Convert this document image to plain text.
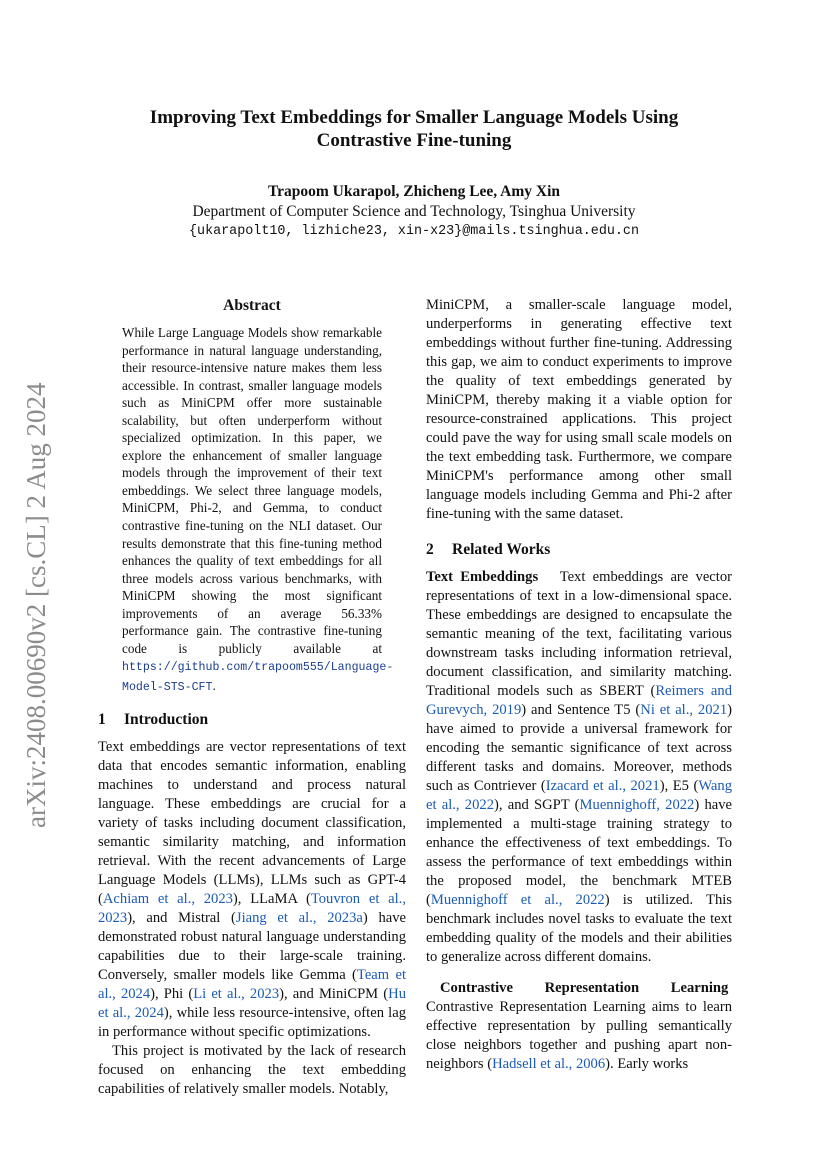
arXiv:2408.00690v2 [cs.CL] 2 Aug 2024
Improving Text Embeddings for Smaller Language Models Using Contrastive Fine-tuning
Trapoom Ukarapol, Zhicheng Lee, Amy Xin
Department of Computer Science and Technology, Tsinghua University
{ukarapolt10, lizhiche23, xin-x23}@mails.tsinghua.edu.cn
Abstract

While Large Language Models show remarkable performance in natural language understanding, their resource-intensive nature makes them less accessible. In contrast, smaller language models such as MiniCPM offer more sustainable scalability, but often underperform without specialized optimization. In this paper, we explore the enhancement of smaller language models through the improvement of their text embeddings. We select three language models, MiniCPM, Phi-2, and Gemma, to conduct contrastive fine-tuning on the NLI dataset. Our results demonstrate that this fine-tuning method enhances the quality of text embeddings for all three models across various benchmarks, with MiniCPM showing the most significant improvements of an average 56.33% performance gain. The contrastive fine-tuning code is publicly available at https://github.com/trapoom555/Language-Model-STS-CFT.

1 Introduction

Text embeddings are vector representations of text data that encodes semantic information, enabling machines to understand and process natural language. These embeddings are crucial for a variety of tasks including document classification, semantic similarity matching, and information retrieval. With the recent advancements of Large Language Models (LLMs), LLMs such as GPT-4 (Achiam et al., 2023), LLaMA (Touvron et al., 2023), and Mistral (Jiang et al., 2023a) have demonstrated robust natural language understanding capabilities due to their large-scale training. Conversely, smaller models like Gemma (Team et al., 2024), Phi (Li et al., 2023), and MiniCPM (Hu et al., 2024), while less resource-intensive, often lag in performance without specific optimizations.

This project is motivated by the lack of research focused on enhancing the text embedding capabilities of relatively smaller models. Notably,

MiniCPM, a smaller-scale language model, underperforms in generating effective text embeddings without further fine-tuning. Addressing this gap, we aim to conduct experiments to improve the quality of text embeddings generated by MiniCPM, thereby making it a viable option for resource-constrained applications. This project could pave the way for using small scale models on the text embedding task. Furthermore, we compare MiniCPM's performance among other small language models including Gemma and Phi-2 after fine-tuning with the same dataset.

2 Related Works

Text Embeddings Text embeddings are vector representations of text in a low-dimensional space. These embeddings are designed to encapsulate the semantic meaning of the text, facilitating various downstream tasks including information retrieval, document classification, and similarity matching. Traditional models such as SBERT (Reimers and Gurevych, 2019) and Sentence T5 (Ni et al., 2021) have aimed to provide a universal framework for encoding the semantic significance of text across different tasks and domains. Moreover, methods such as Contriever (Izacard et al., 2021), E5 (Wang et al., 2022), and SGPT (Muennighoff, 2022) have implemented a multi-stage training strategy to enhance the effectiveness of text embeddings. To assess the performance of text embeddings within the proposed model, the benchmark MTEB (Muennighoff et al., 2022) is utilized. This benchmark includes novel tasks to evaluate the text embedding quality of the models and their abilities to generalize across different domains.

Contrastive Representation Learning  Contrastive Representation Learning aims to learn effective representation by pulling semantically close neighbors together and pushing apart non-neighbors (Hadsell et al., 2006). Early works
